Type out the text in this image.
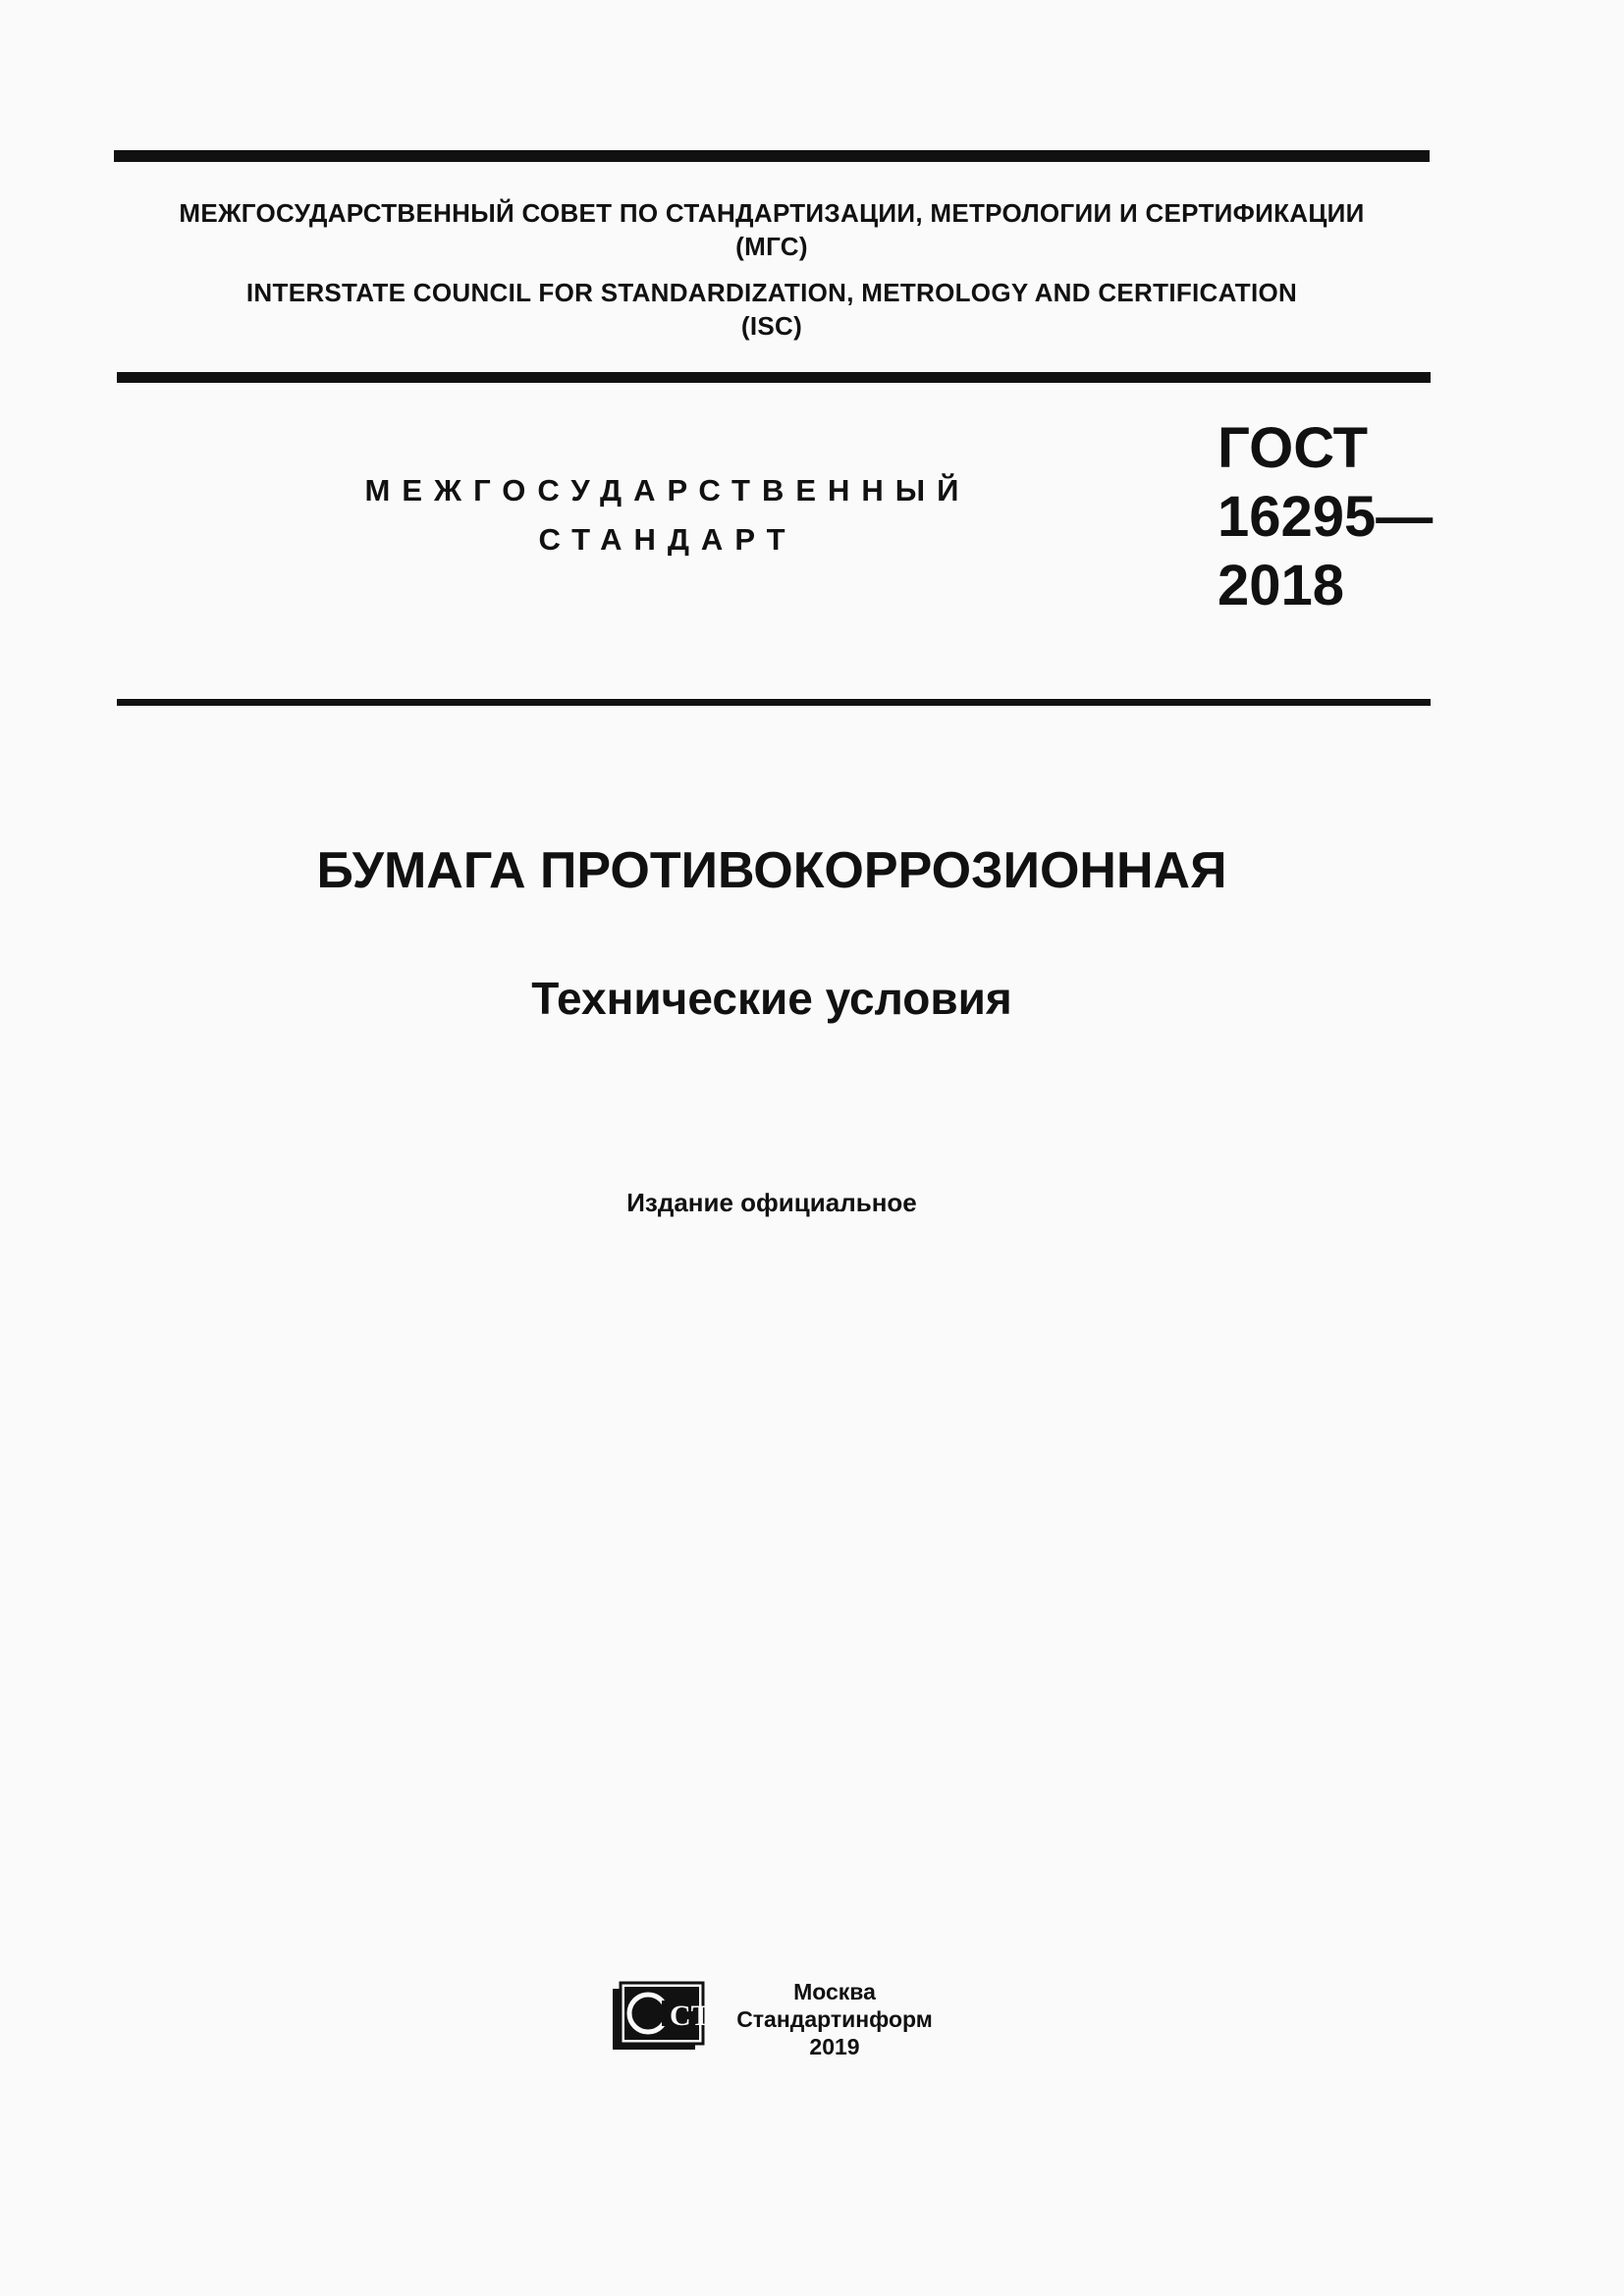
МЕЖГОСУДАРСТВЕННЫЙ СОВЕТ ПО СТАНДАРТИЗАЦИИ, МЕТРОЛОГИИ И СЕРТИФИКАЦИИ
(МГС)
INTERSTATE COUNCIL FOR STANDARDIZATION, METROLOGY AND CERTIFICATION
(ISC)
МЕЖГОСУДАРСТВЕННЫЙ
СТАНДАРТ
ГОСТ
16295—
2018
БУМАГА ПРОТИВОКОРРОЗИОННАЯ
Технические условия
Издание официальное
СТИ
Москва
Стандартинформ
2019
